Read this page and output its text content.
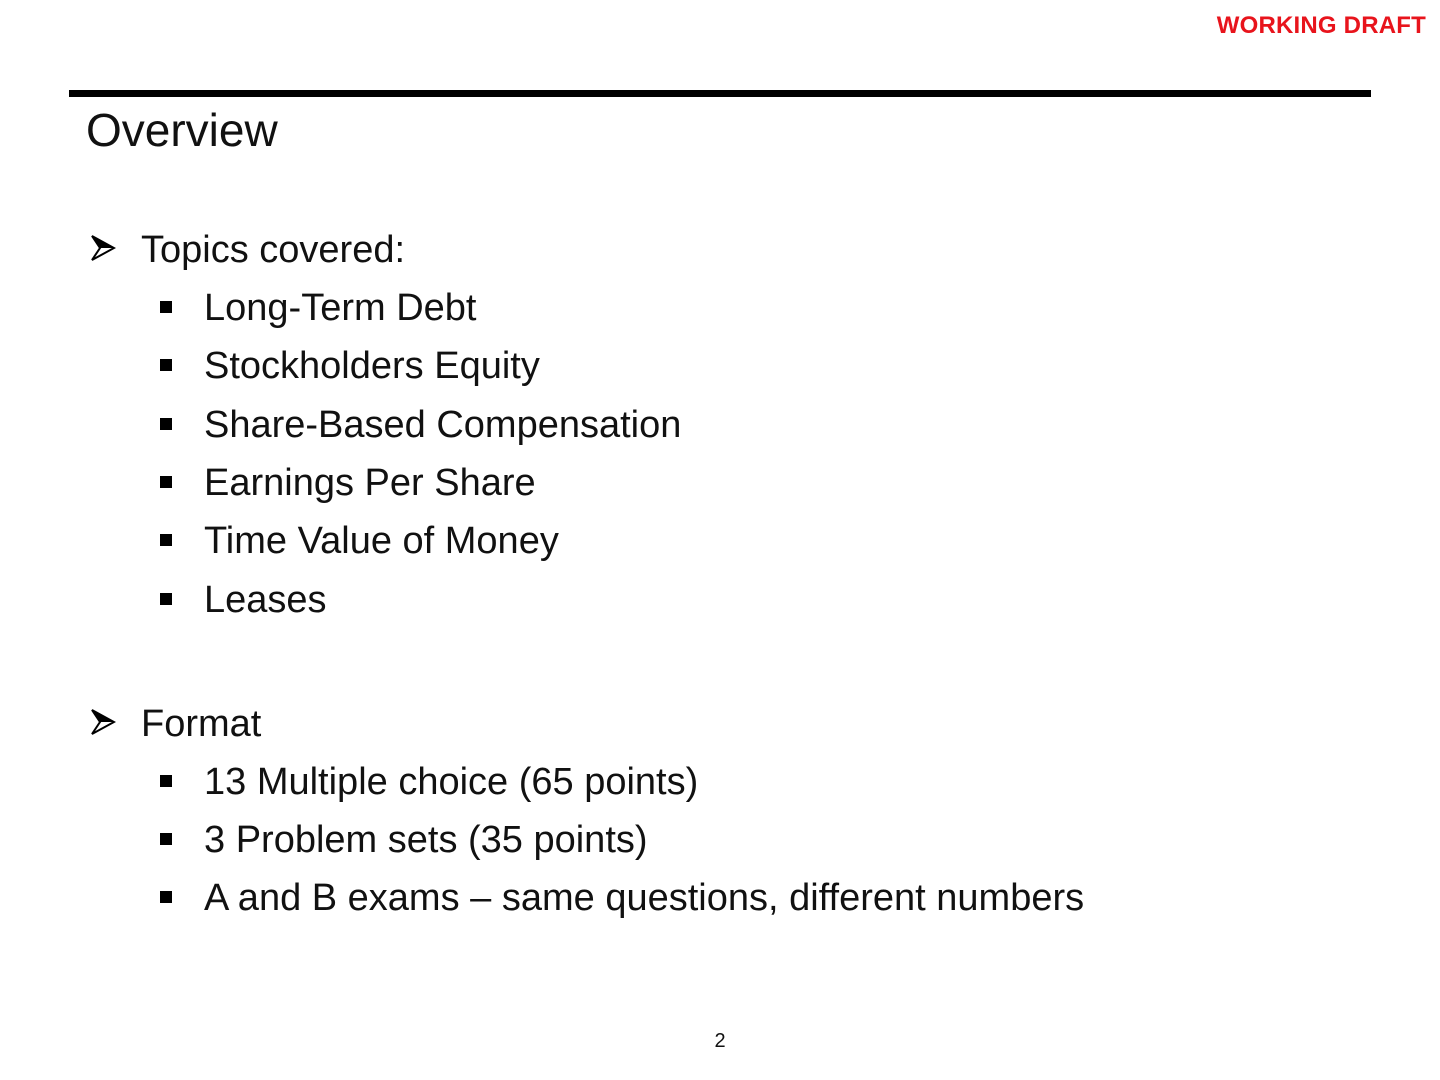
WORKING DRAFT
Overview
Topics covered:
Long-Term Debt
Stockholders Equity
Share-Based Compensation
Earnings Per Share
Time Value of Money
Leases
Format
13 Multiple choice (65 points)
3 Problem sets (35 points)
A and B exams – same questions, different numbers
2
